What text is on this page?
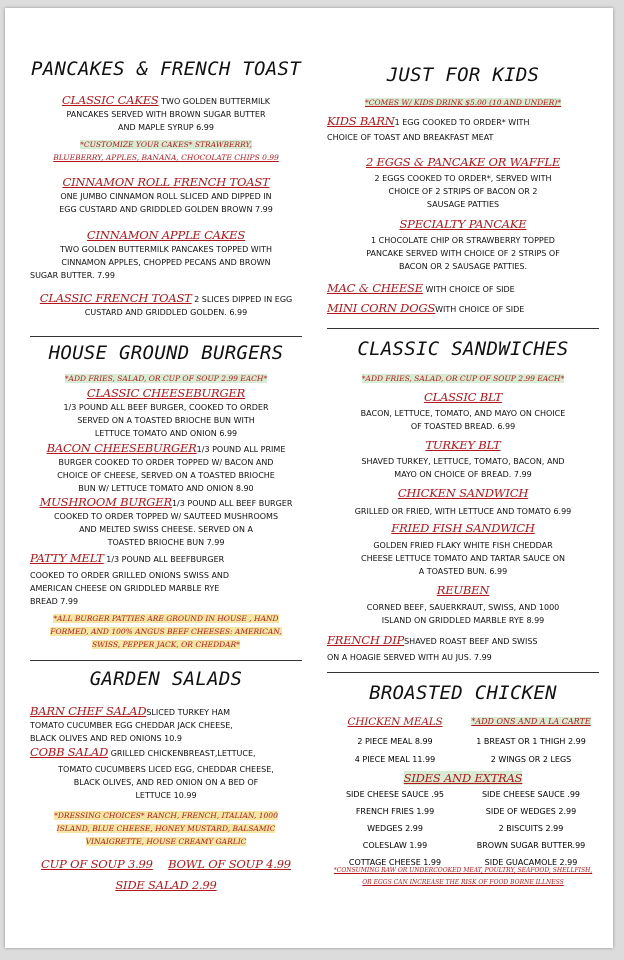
PANCAKES & FRENCH TOAST
CLASSIC CAKES TWO GOLDEN BUTTERMILK
PANCAKES SERVED WITH BROWN SUGAR BUTTER
AND MAPLE SYRUP 6.99
*CUSTOMIZE YOUR CAKES* STRAWBERRY,
BLUEBERRY, APPLES, BANANA, CHOCOLATE CHIPS 0.99
CINNAMON ROLL FRENCH TOAST
ONE JUMBO CINNAMON ROLL SLICED AND DIPPED IN
EGG CUSTARD AND GRIDDLED GOLDEN BROWN 7.99
CINNAMON APPLE CAKES
TWO GOLDEN BUTTERMILK PANCAKES TOPPED WITH
CINNAMON APPLES, CHOPPED PECANS AND BROWN
SUGAR BUTTER. 7.99
CLASSIC FRENCH TOAST 2 SLICES DIPPED IN EGG
CUSTARD AND GRIDDLED GOLDEN. 6.99
HOUSE GROUND BURGERS
*ADD FRIES, SALAD, OR CUP OF SOUP 2.99 EACH*
CLASSIC CHEESEBURGER
1/3 POUND ALL BEEF BURGER, COOKED TO ORDER
SERVED ON A TOASTED BRIOCHE BUN WITH
LETTUCE TOMATO AND ONION 6.99
BACON CHEESEBURGER1/3 POUND ALL PRIME
BURGER COOKED TO ORDER TOPPED W/ BACON AND
CHOICE OF CHEESE, SERVED ON A TOASTED BRIOCHE
BUN W/ LETTUCE TOMATO AND ONION 8.90
MUSHROOM BURGER1/3 POUND ALL BEEF BURGER
COOKED TO ORDER TOPPED W/ SAUTEED MUSHROOMS
AND MELTED SWISS CHEESE. SERVED ON A
TOASTED BRIOCHE BUN 7.99
PATTY MELT 1/3 POUND ALL BEEFBURGER
COOKED TO ORDER GRILLED ONIONS SWISS AND
AMERICAN CHEESE ON GRIDDLED MARBLE RYE
BREAD 7.99
*ALL BURGER PATTIES ARE GROUND IN HOUSE , HAND
FORMED, AND 100% ANGUS BEEF CHEESES: AMERICAN,
SWISS, PEPPER JACK, OR CHEDDAR*
GARDEN SALADS
BARN CHEF SALADSLICED TURKEY HAM
TOMATO CUCUMBER EGG CHEDDAR JACK CHEESE,
BLACK OLIVES AND RED ONIONS 10.9
COBB SALAD GRILLED CHICKENBREAST,LETTUCE,
TOMATO CUCUMBERS LICED EGG, CHEDDAR CHEESE,
BLACK OLIVES, AND RED ONION ON A BED OF
LETTUCE 10.99
*DRESSING CHOICES* RANCH, FRENCH, ITALIAN, 1000
ISLAND, BLUE CHEESE, HONEY MUSTARD, BALSAMIC
VINAIGRETTE, HOUSE CREAMY GARLIC
CUP OF SOUP 3.99 BOWL OF SOUP 4.99
SIDE SALAD 2.99
JUST FOR KIDS
*COMES W/ KIDS DRINK $5.00 (10 AND UNDER)*
KIDS BARN1 EGG COOKED TO ORDER* WITH
CHOICE OF TOAST AND BREAKFAST MEAT
2 EGGS & PANCAKE OR WAFFLE
2 EGGS COOKED TO ORDER*, SERVED WITH
CHOICE OF 2 STRIPS OF BACON OR 2
SAUSAGE PATTIES
SPECIALTY PANCAKE
1 CHOCOLATE CHIP OR STRAWBERRY TOPPED
PANCAKE SERVED WITH CHOICE OF 2 STRIPS OF
BACON OR 2 SAUSAGE PATTIES.
MAC & CHEESE WITH CHOICE OF SIDE
MINI CORN DOGSWITH CHOICE OF SIDE
CLASSIC SANDWICHES
*ADD FRIES, SALAD, OR CUP OF SOUP 2.99 EACH*
CLASSIC BLT
BACON, LETTUCE, TOMATO, AND MAYO ON CHOICE
OF TOASTED BREAD. 6.99
TURKEY BLT
SHAVED TURKEY, LETTUCE, TOMATO, BACON, AND
MAYO ON CHOICE OF BREAD. 7.99
CHICKEN SANDWICH
GRILLED OR FRIED, WITH LETTUCE AND TOMATO 6.99
FRIED FISH SANDWICH
GOLDEN FRIED FLAKY WHITE FISH CHEDDAR
CHEESE LETTUCE TOMATO AND TARTAR SAUCE ON
A TOASTED BUN. 6.99
REUBEN
CORNED BEEF, SAUERKRAUT, SWISS, AND 1000
ISLAND ON GRIDDLED MARBLE RYE 8.99
FRENCH DIPSHAVED ROAST BEEF AND SWISS
ON A HOAGIE SERVED WITH AU JUS. 7.99
BROASTED CHICKEN
CHICKEN MEALS	*ADD ONS AND A LA CARTE
2 PIECE MEAL 8.99	1 BREAST OR 1 THIGH 2.99
4 PIECE MEAL 11.99	2 WINGS OR 2 LEGS
SIDES AND EXTRAS
SIDE CHEESE SAUCE .95	SIDE CHEESE SAUCE .99
FRENCH FRIES 1.99	SIDE OF WEDGES 2.99
WEDGES 2.99	2 BISCUITS 2.99
COLESLAW 1.99	BROWN SUGAR BUTTER.99
COTTAGE CHEESE 1.99	SIDE GUACAMOLE 2.99
*CONSUMING RAW OR UNDERCOOKED MEAT, POULTRY, SEAFOOD, SHELLFISH,
OR EGGS CAN INCREASE THE RISK OF FOOD BORNE ILLNESS
